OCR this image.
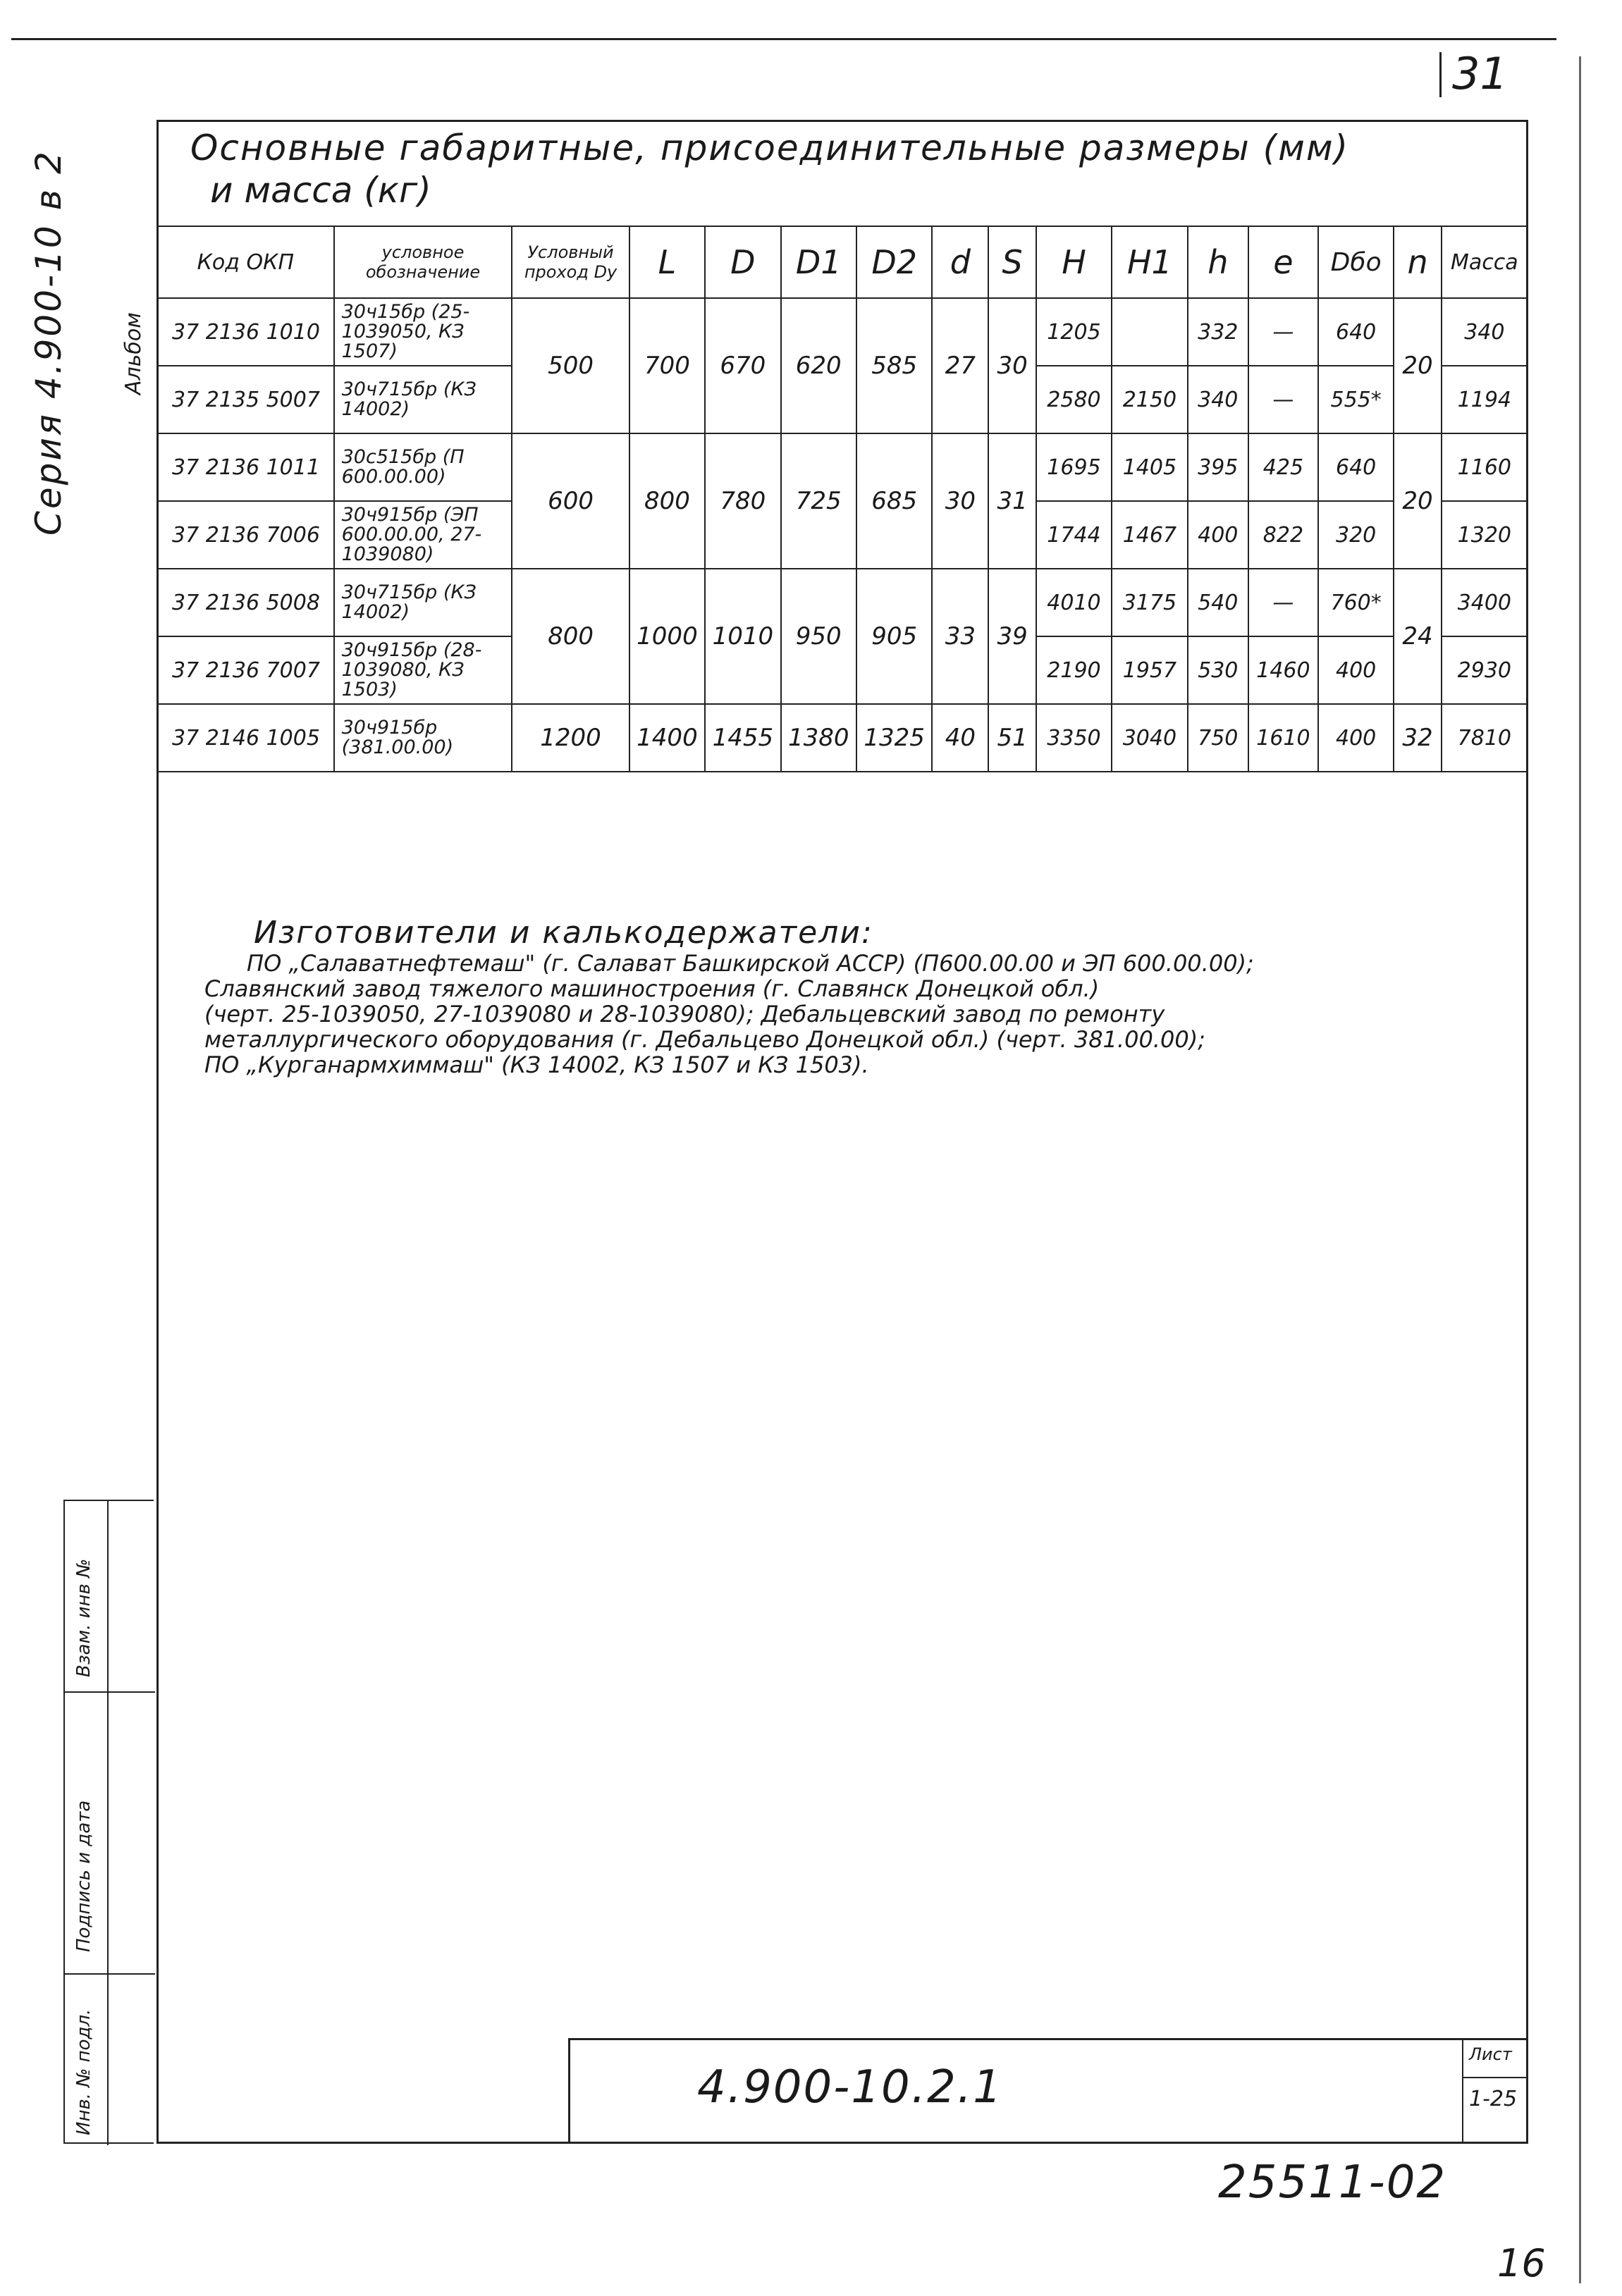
31
Серия 4.900-10 в 2 Альбом
Основные габаритные, присоединительные размеры (мм)
и масса (кг)
Код ОКП	условное обозначение	Условный проход Dy	L	D	D1	D2	d	S	H	H1	h	e	Dбо	n	Масса
37 2136 1010	30ч15бр (25-1039050, КЗ 1507)	500	700	670	620	585	27	30	1205		332	—	640	20	340
37 2135 5007	30ч715бр (КЗ 14002)								2580	2150	340	—	555*		1194
37 2136 1011	30с515бр (П 600.00.00)	600	800	780	725	685	30	31	1695	1405	395	425	640	20	1160
37 2136 7006	30ч915бр (ЭП 600.00.00, 27-1039080)								1744	1467	400	822	320		1320
37 2136 5008	30ч715бр (КЗ 14002)	800	1000	1010	950	905	33	39	4010	3175	540	—	760*	24	3400
37 2136 7007	30ч915бр (28-1039080, КЗ 1503)								2190	1957	530	1460	400		2930
37 2146 1005	30ч915бр (381.00.00)	1200	1400	1455	1380	1325	40	51	3350	3040	750	1610	400	32	7810
Изготовители и калькодержатели:
ПО „Салаватнефтемаш" (г. Салават Башкирской АССР) (П600.00.00 и ЭП 600.00.00);
Славянский завод тяжелого машиностроения (г. Славянск Донецкой обл.)
(черт. 25-1039050, 27-1039080 и 28-1039080); Дебальцевский завод по ремонту
металлургического оборудования (г. Дебальцево Донецкой обл.) (черт. 381.00.00);
ПО „Курганармхиммаш" (КЗ 14002, КЗ 1507 и КЗ 1503).
Взам. инв №
Подпись и дата
Инв. № подл.	4.900-10.2.1
Лист
1-25
25511-02
16
